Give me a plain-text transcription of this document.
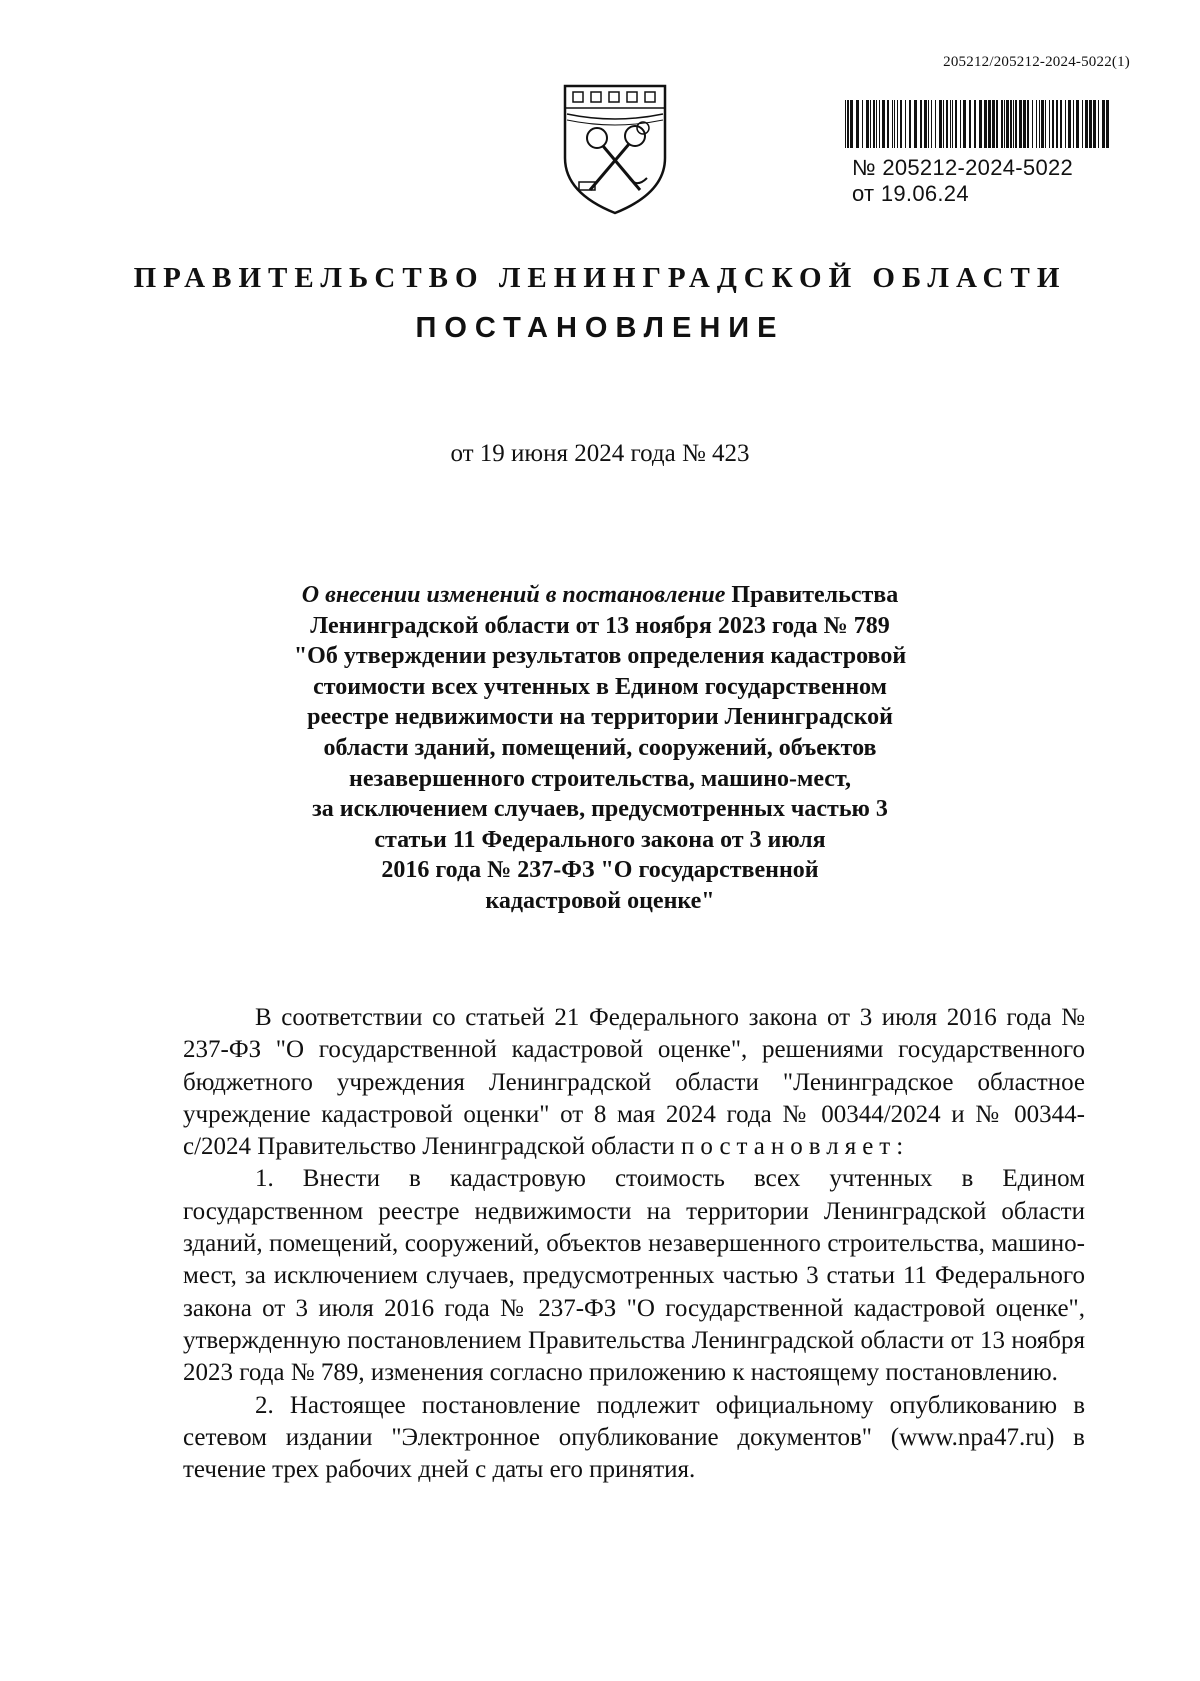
205212/205212-2024-5022(1)
№ 205212-2024-5022
от 19.06.24
ПРАВИТЕЛЬСТВО ЛЕНИНГРАДСКОЙ ОБЛАСТИ
ПОСТАНОВЛЕНИЕ
от 19 июня 2024 года № 423
О внесении изменений в постановление Правительства
Ленинградской области от 13 ноября 2023 года № 789
"Об утверждении результатов определения кадастровой
стоимости всех учтенных в Едином государственном
реестре недвижимости на территории Ленинградской
области зданий, помещений, сооружений, объектов
незавершенного строительства, машино-мест,
за исключением случаев, предусмотренных частью 3
статьи 11 Федерального закона от 3 июля
2016 года № 237-ФЗ "О государственной
кадастровой оценке"

В соответствии со статьей 21 Федерального закона от 3 июля 2016 года № 237-ФЗ "О государственной кадастровой оценке", решениями государственного бюджетного учреждения Ленинградской области "Ленинградское областное учреждение кадастровой оценки" от 8 мая 2024 года № 00344/2024 и № 00344-с/2024 Правительство Ленинградской области постановляет:

1. Внести в кадастровую стоимость всех учтенных в Едином государственном реестре недвижимости на территории Ленинградской области зданий, помещений, сооружений, объектов незавершенного строительства, машино-мест, за исключением случаев, предусмотренных частью 3 статьи 11 Федерального закона от 3 июля 2016 года № 237-ФЗ "О государственной кадастровой оценке", утвержденную постановлением Правительства Ленинградской области от 13 ноября 2023 года № 789, изменения согласно приложению к настоящему постановлению.

2. Настоящее постановление подлежит официальному опубликованию в сетевом издании "Электронное опубликование документов" (www.npa47.ru) в течение трех рабочих дней с даты его принятия.
